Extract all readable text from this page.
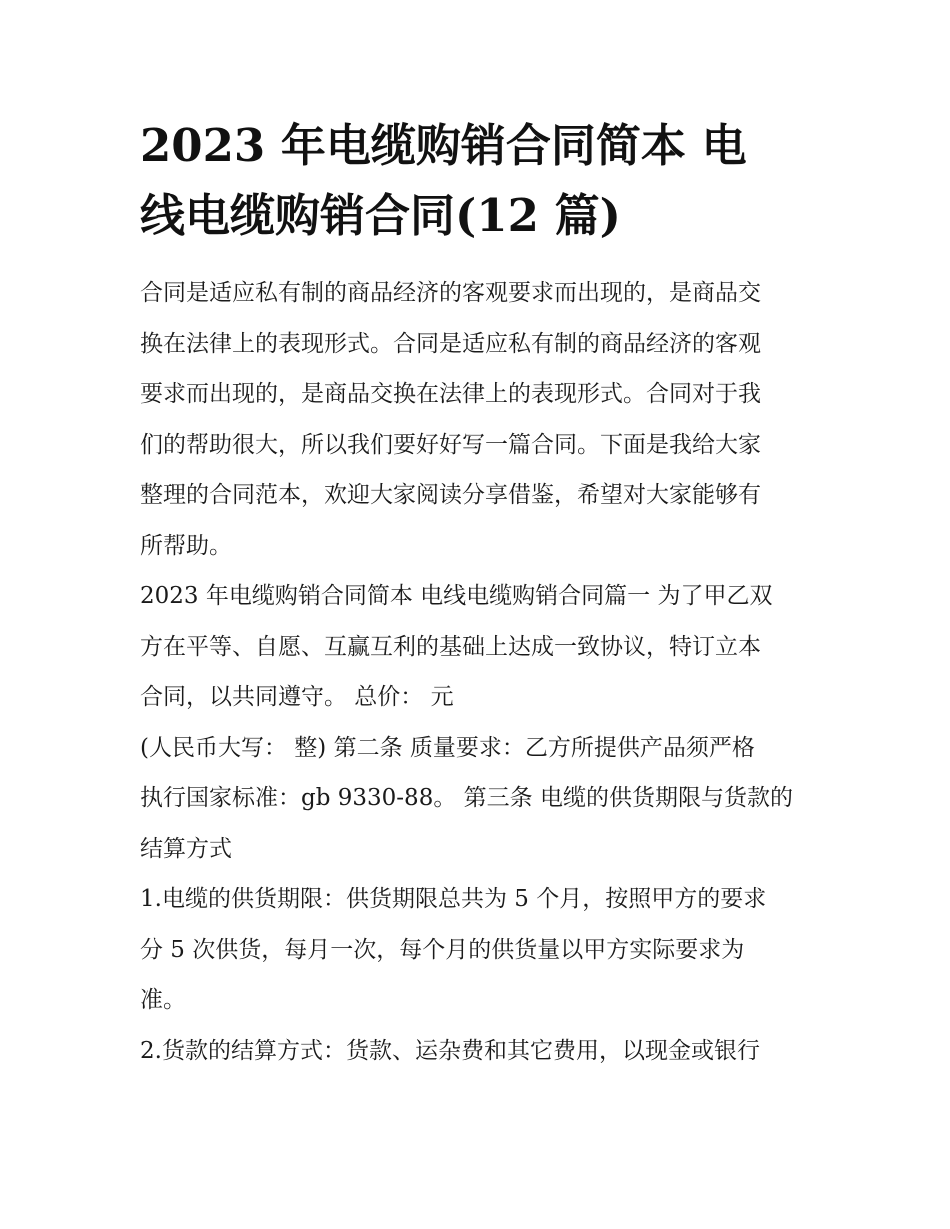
2023 年电缆购销合同简本 电
线电缆购销合同(12 篇)

合同是适应私有制的商品经济的客观要求而出现的，是商品交
换在法律上的表现形式。合同是适应私有制的商品经济的客观
要求而出现的，是商品交换在法律上的表现形式。合同对于我
们的帮助很大，所以我们要好好写一篇合同。下面是我给大家
整理的合同范本，欢迎大家阅读分享借鉴，希望对大家能够有
所帮助。

2023 年电缆购销合同简本 电线电缆购销合同篇一 为了甲乙双
方在平等、自愿、互赢互利的基础上达成一致协议，特订立本
合同，以共同遵守。 总价： 元

(人民币大写： 整) 第二条 质量要求：乙方所提供产品须严格
执行国家标准：gb 9330-88。 第三条 电缆的供货期限与货款的
结算方式

1.电缆的供货期限：供货期限总共为 5 个月，按照甲方的要求
分 5 次供货，每月一次，每个月的供货量以甲方实际要求为
准。

2.货款的结算方式：货款、运杂费和其它费用，以现金或银行
